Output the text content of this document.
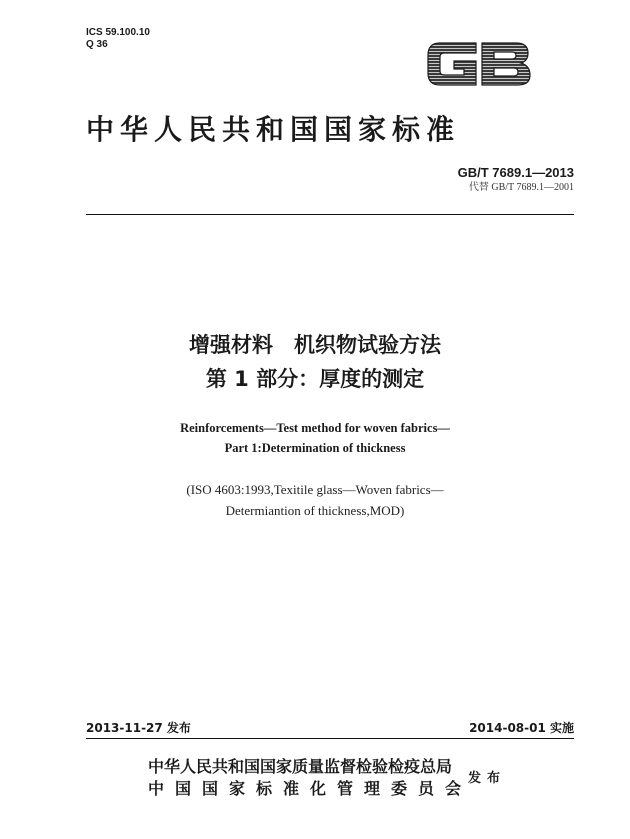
ICS 59.100.10
Q 36
中华人民共和国国家标准
GB/T 7689.1—2013
代替 GB/T 7689.1—2001
增强材料　机织物试验方法
第 1 部分：厚度的测定
Reinforcements—Test method for woven fabrics—
Part 1:Determination of thickness
(ISO 4603:1993,Texitile glass—Woven fabrics—
Determiantion of thickness,MOD)
2013-11-27 发布	2014-08-01 实施
中华人民共和国国家质量监督检验检疫总局
中国国家标准化管理委员会
发布
